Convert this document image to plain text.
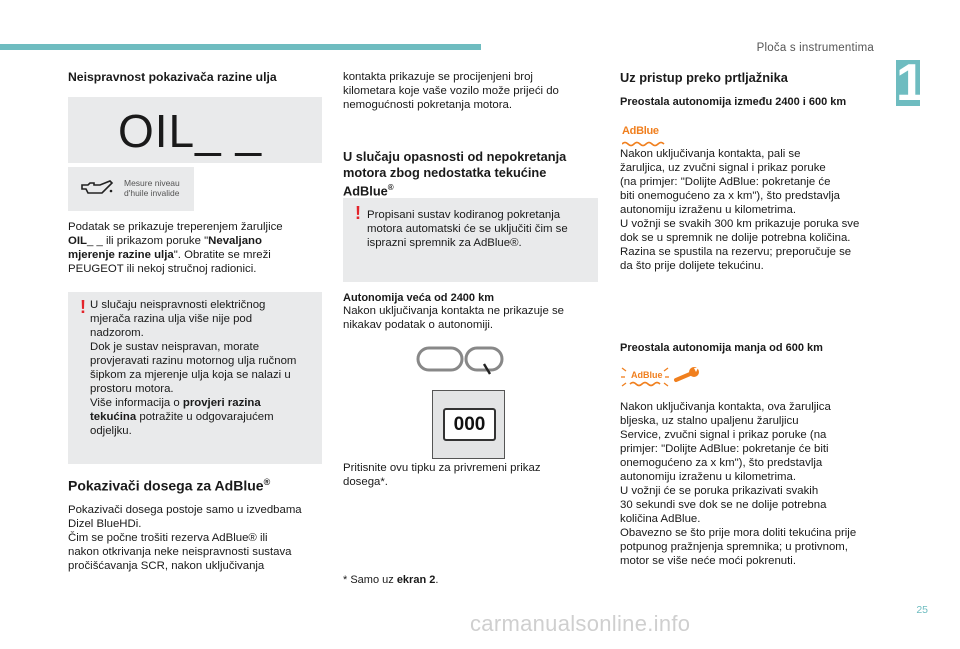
Ploča s instrumentima
1
Neispravnost pokazivača razine ulja
OIL_ _
Mesure niveau
d'huile invalide
Podatak se prikazuje treperenjem žaruljice
OIL_ _ ili prikazom poruke "Nevaljano
mjerenje razine ulja". Obratite se mreži
PEUGEOT ili nekoj stručnoj radionici.
! U slučaju neispravnosti električnog
mjerača razina ulja više nije pod
nadzorom.
Dok je sustav neispravan, morate
provjeravati razinu motornog ulja ručnom
šipkom za mjerenje ulja koja se nalazi u
prostoru motora.
Više informacija o provjeri razina
tekućina potražite u odgovarajućem
odjeljku.
Pokazivači dosega za AdBlue®
Pokazivači dosega postoje samo u izvedbama
Dizel BlueHDi.
Čim se počne trošiti rezerva AdBlue® ili
nakon otkrivanja neke neispravnosti sustava
pročišćavanja SCR, nakon uključivanja
kontakta prikazuje se procijenjeni broj
kilometara koje vaše vozilo može prijeći do
nemogućnosti pokretanja motora.
U slučaju opasnosti od nepokretanja
motora zbog nedostatka tekućine
AdBlue®
! Propisani sustav kodiranog pokretanja
motora automatski će se uključiti čim se
isprazni spremnik za AdBlue®.
Autonomija veća od 2400 km
Nakon uključivanja kontakta ne prikazuje se
nikakav podatak o autonomiji.
000
Pritisnite ovu tipku za privremeni prikaz
dosega*.
* Samo uz ekran 2.
Uz pristup preko prtljažnika
Preostala autonomija između 2400 i 600 km
AdBlue
Nakon uključivanja kontakta, pali se
žaruljica, uz zvučni signal i prikaz poruke
(na primjer: "Dolijte AdBlue: pokretanje će
biti onemogućeno za x km"), što predstavlja
autonomiju izraženu u kilometrima.
U vožnji se svakih 300 km prikazuje poruka sve
dok se u spremnik ne dolije potrebna količina.
Razina se spustila na rezervu; preporučuje se
da što prije dolijete tekućinu.
Preostala autonomija manja od 600 km
AdBlue
Nakon uključivanja kontakta, ova žaruljica
bljeska, uz stalno upaljenu žaruljicu
Service, zvučni signal i prikaz poruke (na
primjer: "Dolijte AdBlue: pokretanje će biti
onemogućeno za x km"), što predstavlja
autonomiju izraženu u kilometrima.
U vožnji će se poruka prikazivati svakih
30 sekundi sve dok se ne dolije potrebna
količina AdBlue.
Obavezno se što prije mora doliti tekućina prije
potpunog pražnjenja spremnika; u protivnom,
motor se više neće moći pokrenuti.
25
carmanualsonline.info
